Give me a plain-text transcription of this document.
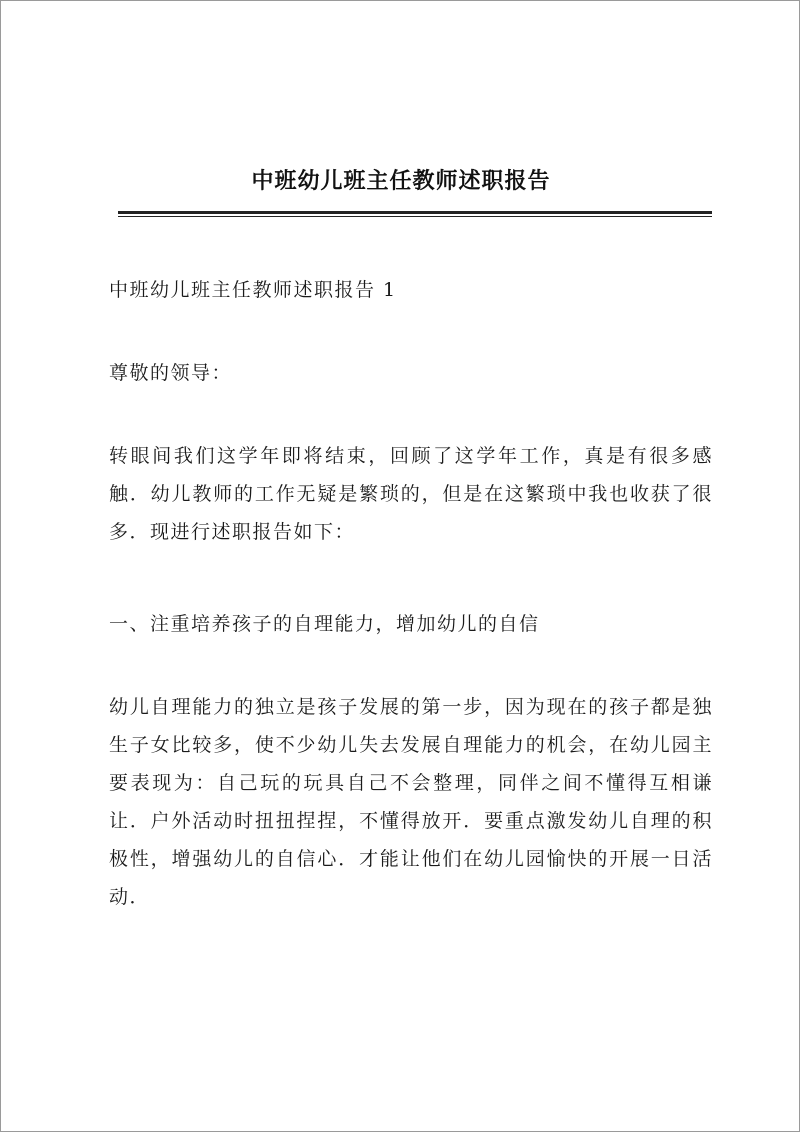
中班幼儿班主任教师述职报告

中班幼儿班主任教师述职报告 1

尊敬的领导：

转眼间我们这学年即将结束，回顾了这学年工作，真是有很多感触．幼儿教师的工作无疑是繁琐的，但是在这繁琐中我也收获了很多．现进行述职报告如下：

一、注重培养孩子的自理能力，增加幼儿的自信

幼儿自理能力的独立是孩子发展的第一步，因为现在的孩子都是独生子女比较多，使不少幼儿失去发展自理能力的机会，在幼儿园主要表现为：自己玩的玩具自己不会整理，同伴之间不懂得互相谦让．户外活动时扭扭捏捏，不懂得放开．要重点激发幼儿自理的积极性，增强幼儿的自信心．才能让他们在幼儿园愉快的开展一日活动．
